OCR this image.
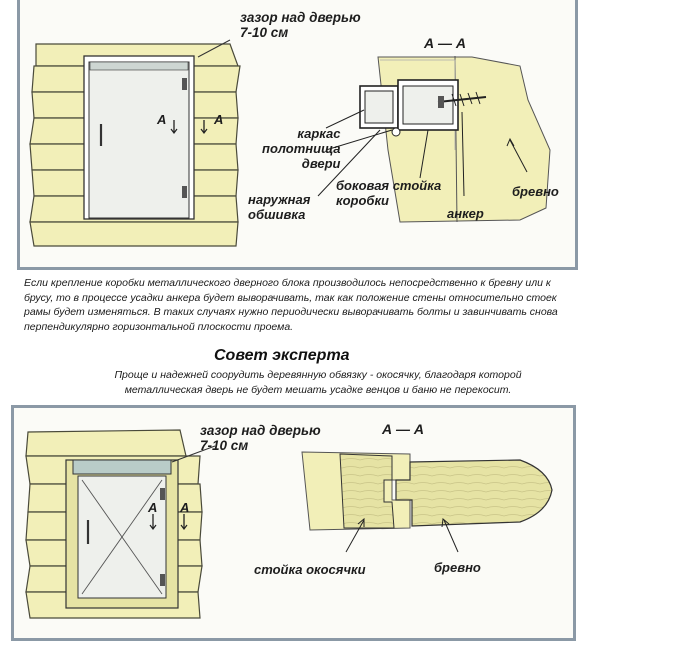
зазор над дверью
7-10 см
А — А
А	А
каркас
полотнища
двери
боковая стойка
коробки
наружная
обшивка	анкер
бревно
Если крепление коробки металлического дверного блока производилось непосредственно к бревну или к брусу, то в процессе усадки анкера будет выворачивать, так как положение стены относительно стоек рамы будет изменяться. В таких случаях нужно периодически выворачивать болты и завинчивать снова перпендикулярно горизонтальной плоскости проема.
Совет эксперта
Проще и надежней соорудить деревянную обвязку - окосячку, благодаря которой металлическая дверь не будет мешать усадке венцов и баню не перекосит.
зазор над дверью
7-10 см
А — А
А А
стойка окосячки	бревно
